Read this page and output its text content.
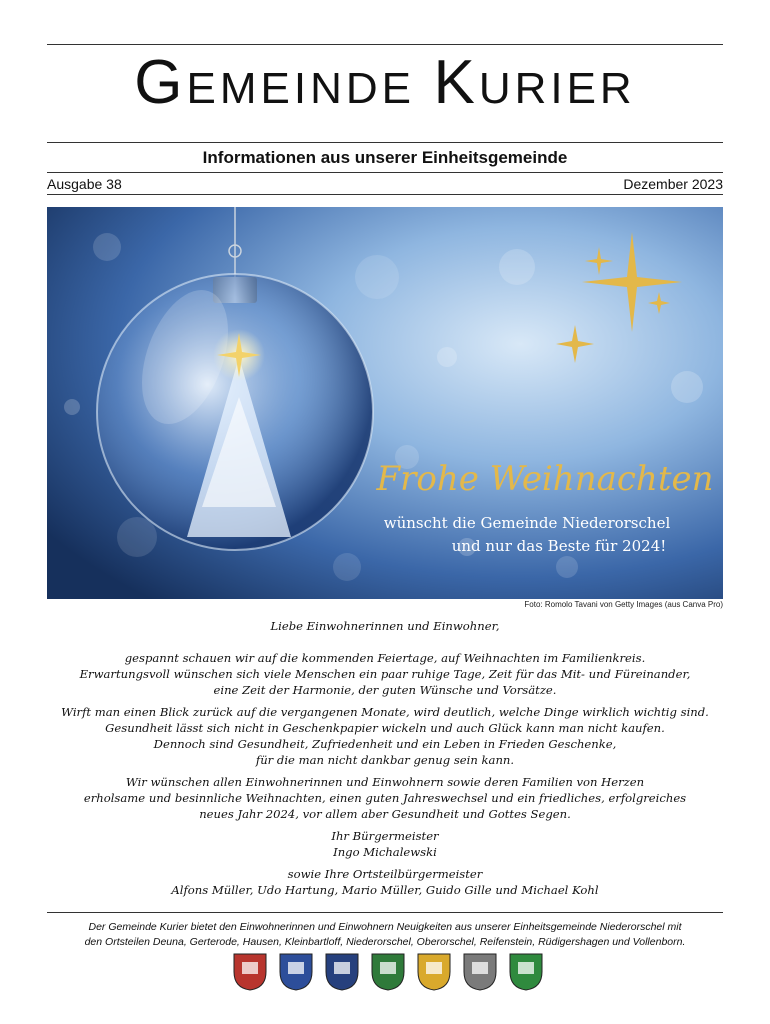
GEMEINDE KURIER
Informationen aus unserer Einheitsgemeinde
Ausgabe 38	Dezember 2023
Frohe Weihnachten
wünscht die Gemeinde Niederorschel
und nur das Beste für 2024!
Foto: Romolo Tavani von Getty Images (aus Canva Pro)
Liebe Einwohnerinnen und Einwohner,

gespannt schauen wir auf die kommenden Feiertage, auf Weihnachten im Familienkreis.

Erwartungsvoll wünschen sich viele Menschen ein paar ruhige Tage, Zeit für das Mit- und Füreinander,

eine Zeit der Harmonie, der guten Wünsche und Vorsätze.

Wirft man einen Blick zurück auf die vergangenen Monate, wird deutlich, welche Dinge wirklich wichtig sind.

Gesundheit lässt sich nicht in Geschenkpapier wickeln und auch Glück kann man nicht kaufen.

Dennoch sind Gesundheit, Zufriedenheit und ein Leben in Frieden Geschenke,

für die man nicht dankbar genug sein kann.

Wir wünschen allen Einwohnerinnen und Einwohnern sowie deren Familien von Herzen

erholsame und besinnliche Weihnachten, einen guten Jahreswechsel und ein friedliches, erfolgreiches

neues Jahr 2024, vor allem aber Gesundheit und Gottes Segen.

Ihr Bürgermeister

Ingo Michalewski

sowie Ihre Ortsteilbürgermeister

Alfons Müller, Udo Hartung, Mario Müller, Guido Gille und Michael Kohl

Der Gemeinde Kurier bietet den Einwohnerinnen und Einwohnern Neuigkeiten aus unserer Einheitsgemeinde Niederorschel mit
den Ortsteilen Deuna, Gerterode, Hausen, Kleinbartloff, Niederorschel, Oberorschel, Reifenstein, Rüdigershagen und Vollenborn.
